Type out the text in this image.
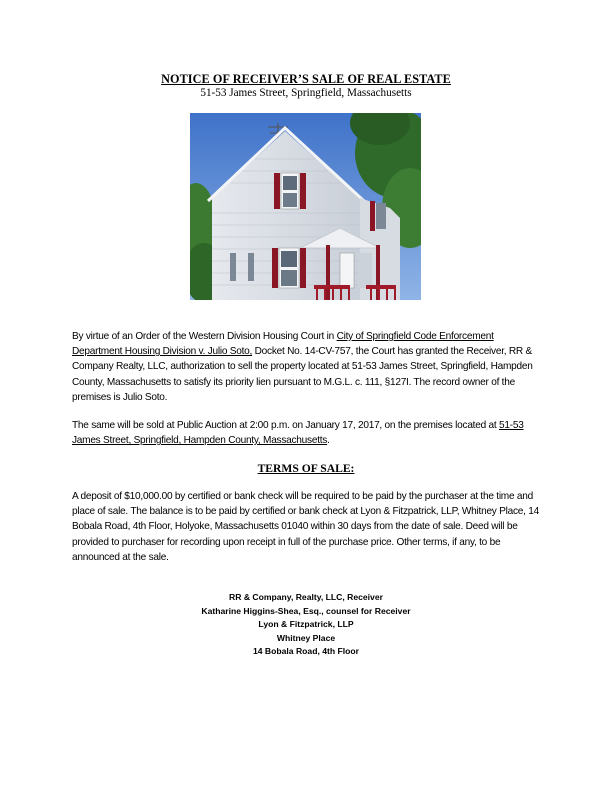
NOTICE OF RECEIVER’S SALE OF REAL ESTATE
51-53 James Street, Springfield, Massachusetts
By virtue of an Order of the Western Division Housing Court in City of Springfield Code Enforcement Department Housing Division v. Julio Soto, Docket No. 14-CV-757, the Court has granted the Receiver, RR & Company Realty, LLC, authorization to sell the property located at 51-53 James Street, Springfield, Hampden County, Massachusetts to satisfy its priority lien pursuant to M.G.L. c. 111, §127I. The record owner of the premises is Julio Soto.
The same will be sold at Public Auction at 2:00 p.m. on January 17, 2017, on the premises located at 51-53 James Street, Springfield, Hampden County, Massachusetts.
TERMS OF SALE:
A deposit of $10,000.00 by certified or bank check will be required to be paid by the purchaser at the time and place of sale. The balance is to be paid by certified or bank check at Lyon & Fitzpatrick, LLP, Whitney Place, 14 Bobala Road, 4th Floor, Holyoke, Massachusetts 01040 within 30 days from the date of sale. Deed will be provided to purchaser for recording upon receipt in full of the purchase price. Other terms, if any, to be announced at the sale.
RR & Company, Realty, LLC, Receiver
Katharine Higgins-Shea, Esq., counsel for Receiver
Lyon & Fitzpatrick, LLP
Whitney Place
14 Bobala Road, 4th Floor
